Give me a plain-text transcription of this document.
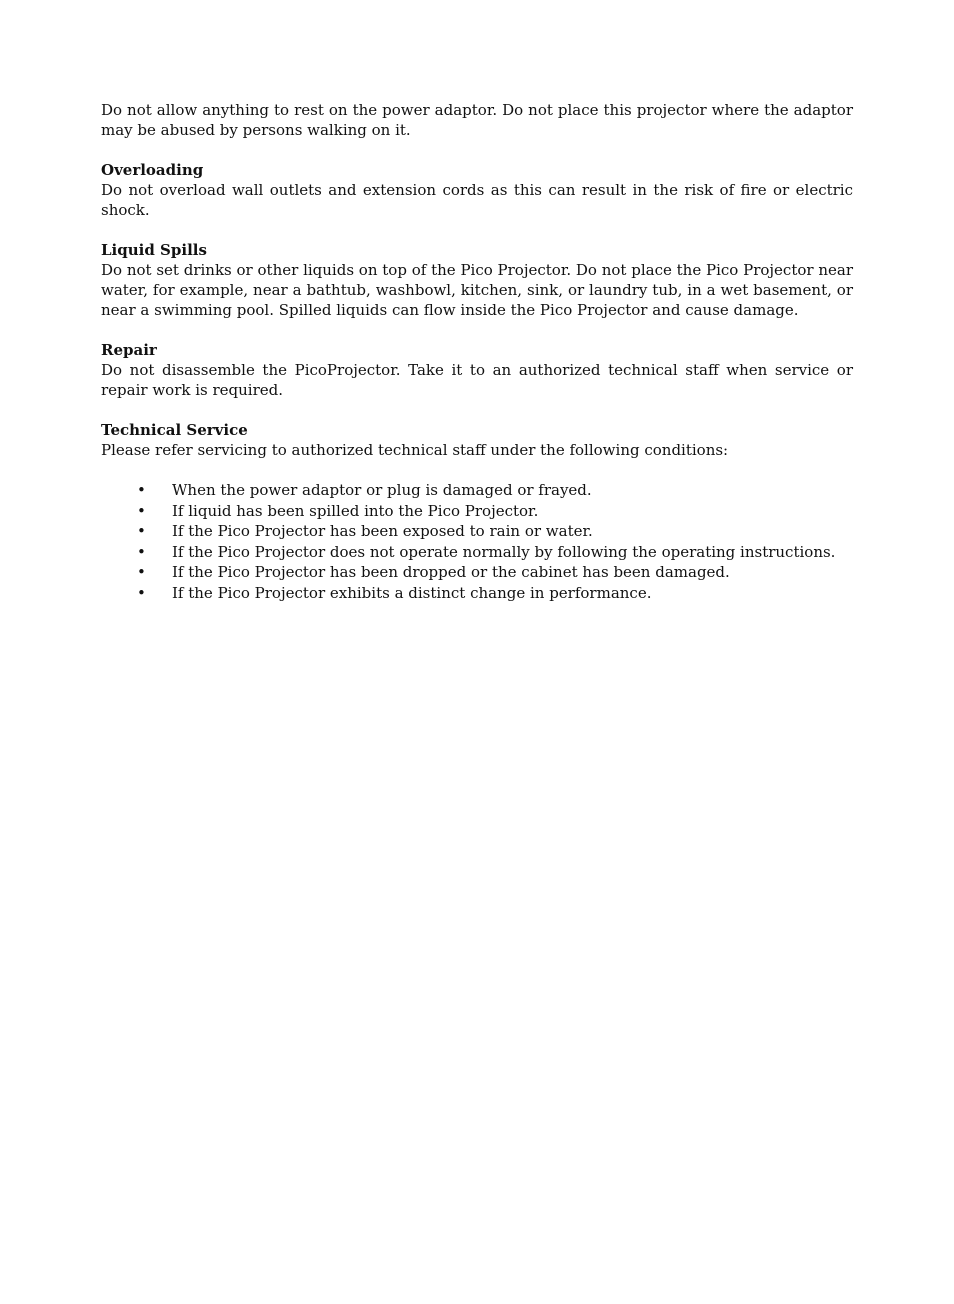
Do not allow anything to rest on the power adaptor. Do not place this projector where the adaptor may be abused by persons walking on it.

Overloading

Do not overload wall outlets and extension cords as this can result in the risk of fire or electric shock.

Liquid Spills

Do not set drinks or other liquids on top of the Pico Projector. Do not place the Pico Projector near water, for example, near a bathtub, washbowl, kitchen, sink, or laundry tub, in a wet basement, or near a swimming pool. Spilled liquids can flow inside the Pico Projector and cause damage.

Repair

Do not disassemble the PicoProjector. Take it to an authorized technical staff when service or repair work is required.

Technical Service

Please refer servicing to authorized technical staff under the following conditions:

• When the power adaptor or plug is damaged or frayed.
• If liquid has been spilled into the Pico Projector.
• If the Pico Projector has been exposed to rain or water.
• If the Pico Projector does not operate normally by following the operating instructions.
• If the Pico Projector has been dropped or the cabinet has been damaged.
• If the Pico Projector exhibits a distinct change in performance.
